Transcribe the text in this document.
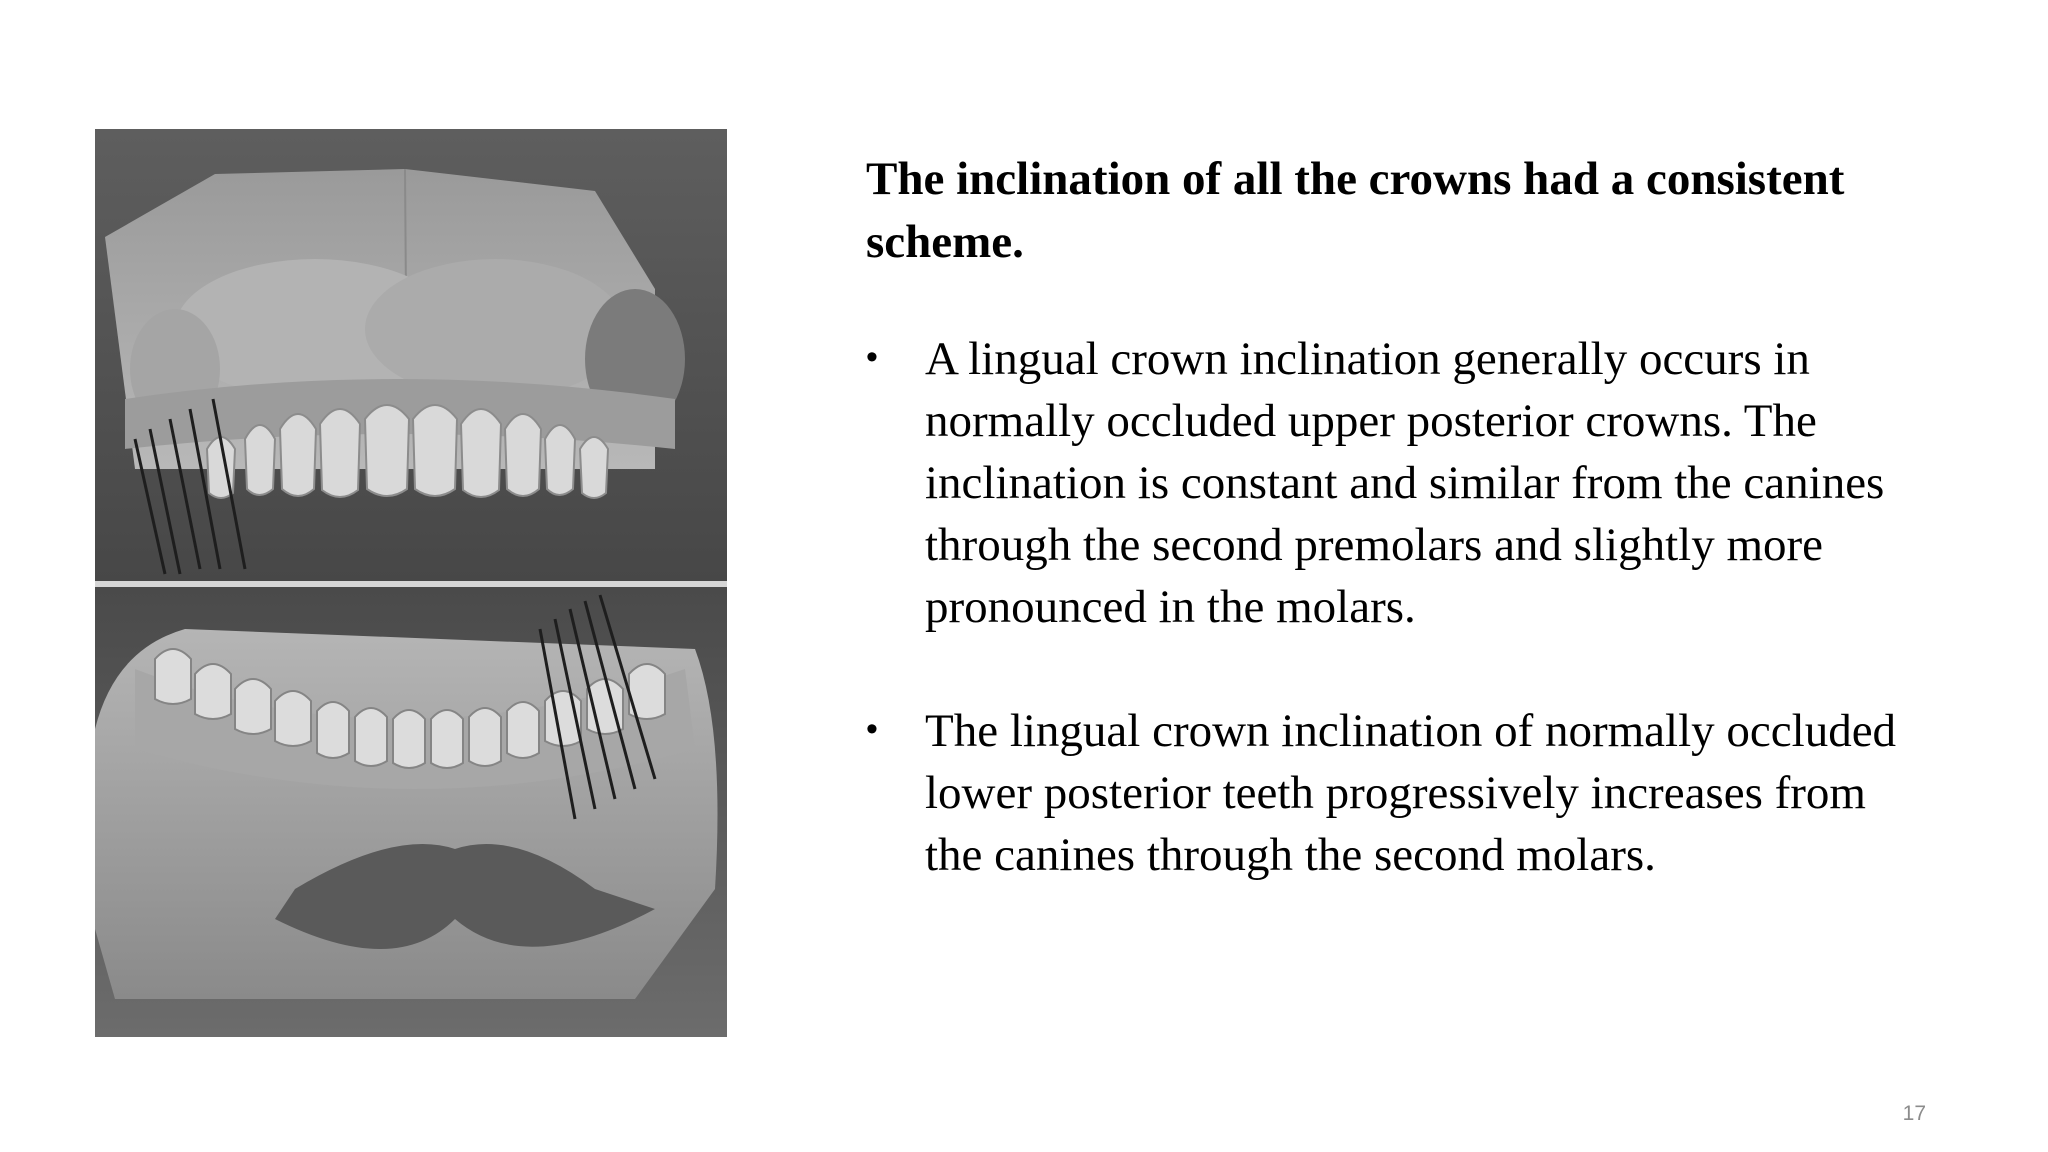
The inclination of all the crowns had a consistent scheme.
• A lingual crown inclination generally occurs in normally occluded upper posterior crowns. The inclination is constant and similar from the canines through the second premolars and slightly more pronounced in the molars.
• The lingual crown inclination of normally occluded lower posterior teeth progressively increases from the canines through the second molars.
17
